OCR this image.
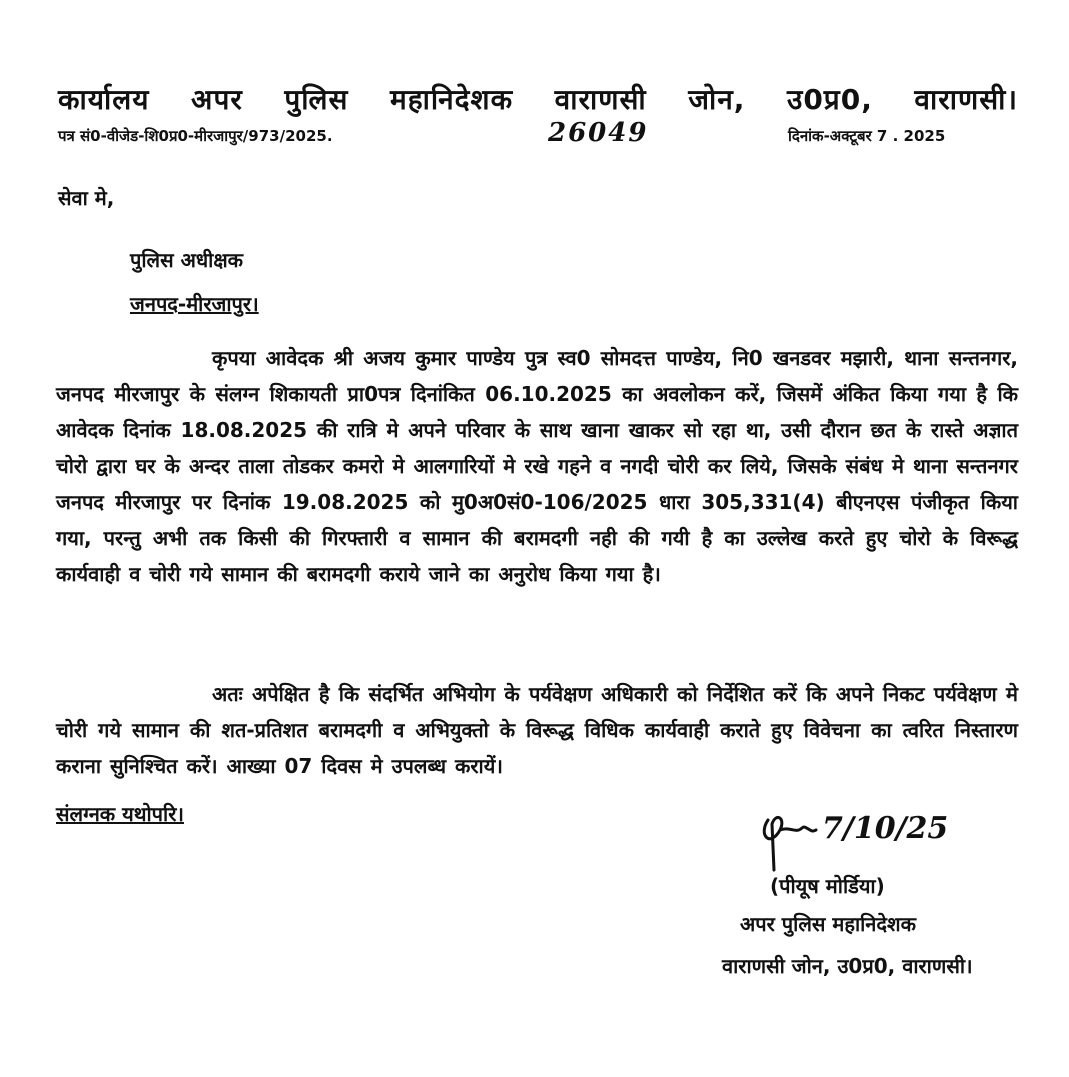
कार्यालय अपर पुलिस महानिदेशक वाराणसी जोन, उ0प्र0, वाराणसी।
पत्र सं0-वीजेड-शि0प्र0-मीरजापुर/973/2025.	26049	दिनांक-अक्टूबर 7 . 2025
सेवा मे,
पुलिस अधीक्षक
जनपद-मीरजापुर।
कृपया आवेदक श्री अजय कुमार पाण्डेय पुत्र स्व0 सोमदत्त पाण्डेय, नि0 खनडवर मझारी, थाना सन्तनगर, जनपद मीरजापुर के संलग्न शिकायती प्रा0पत्र दिनांकित 06.10.2025 का अवलोकन करें, जिसमें अंकित किया गया है कि आवेदक दिनांक 18.08.2025 की रात्रि मे अपने परिवार के साथ खाना खाकर सो रहा था, उसी दौरान छत के रास्ते अज्ञात चोरो द्वारा घर के अन्दर ताला तोडकर कमरो मे आलगारियों मे रखे गहने व नगदी चोरी कर लिये, जिसके संबंध मे थाना सन्तनगर जनपद मीरजापुर पर दिनांक 19.08.2025 को मु0अ0सं0-106/2025 धारा 305,331(4) बीएनएस पंजीकृत किया गया, परन्तु अभी तक किसी की गिरफ्तारी व सामान की बरामदगी नही की गयी है का उल्लेख करते हुए चोरो के विरूद्ध कार्यवाही व चोरी गये सामान की बरामदगी कराये जाने का अनुरोध किया गया है।
अतः अपेक्षित है कि संदर्भित अभियोग के पर्यवेक्षण अधिकारी को निर्देशित करें कि अपने निकट पर्यवेक्षण मे चोरी गये सामान की शत-प्रतिशत बरामदगी व अभियुक्तो के विरूद्ध विधिक कार्यवाही कराते हुए विवेचना का त्वरित निस्तारण कराना सुनिश्चित करें। आख्या 07 दिवस मे उपलब्ध करायें।
संलग्नक यथोपरि।	7/10/25
(पीयूष मोर्डिया)
अपर पुलिस महानिदेशक
वाराणसी जोन, उ0प्र0, वाराणसी।
